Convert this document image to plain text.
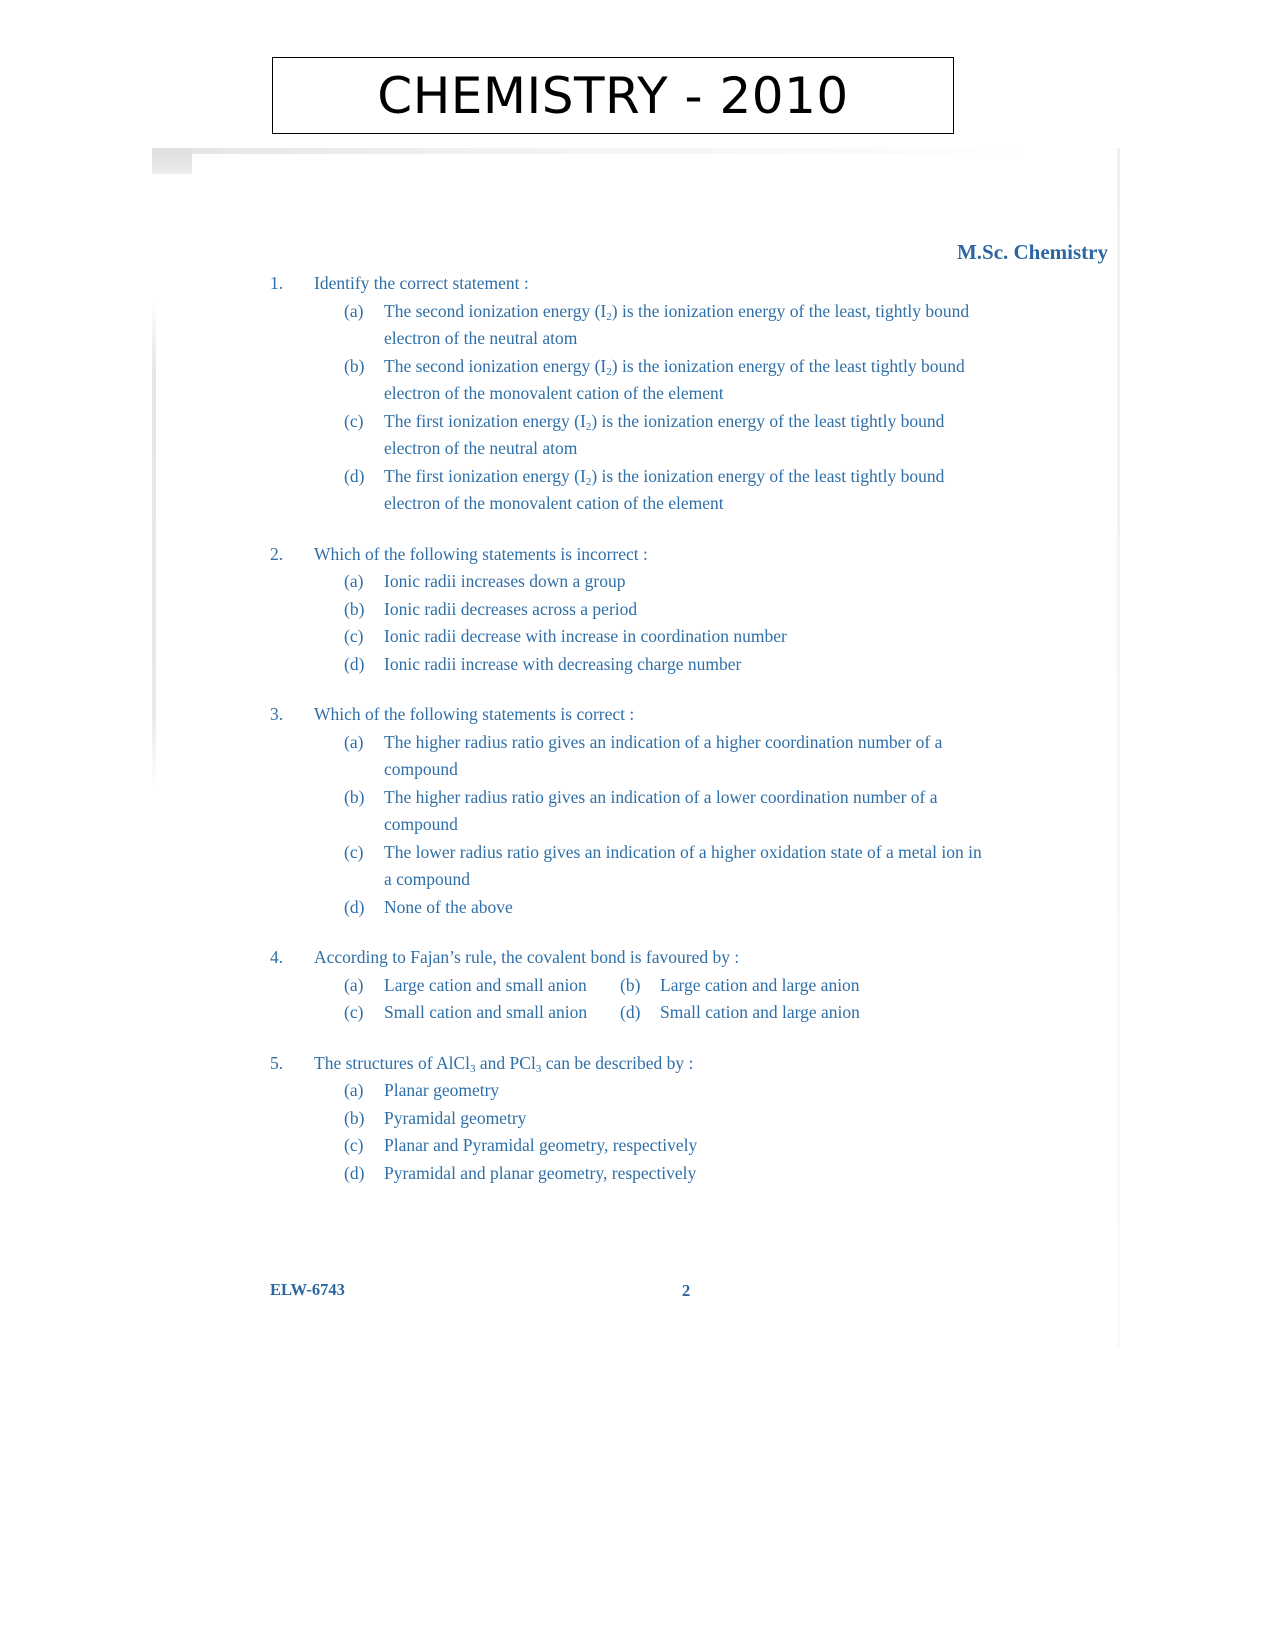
CHEMISTRY - 2010
M.Sc. Chemistry
1. Identify the correct statement :
(a) The second ionization energy $(I_2)$ is the ionization energy of the least, tightly bound electron of the neutral atom
(b) The second ionization energy $(I_2)$ is the ionization energy of the least tightly bound electron of the monovalent cation of the element
(c) The first ionization energy $(I_2)$ is the ionization energy of the least tightly bound electron of the neutral atom
(d) The first ionization energy $(I_2)$ is the ionization energy of the least tightly bound electron of the monovalent cation of the element
2. Which of the following statements is incorrect :
(a) Ionic radii increases down a group
(b) Ionic radii decreases across a period
(c) Ionic radii decrease with increase in coordination number
(d) Ionic radii increase with decreasing charge number
3. Which of the following statements is correct :
(a) The higher radius ratio gives an indication of a higher coordination number of a compound
(b) The higher radius ratio gives an indication of a lower coordination number of a compound
(c) The lower radius ratio gives an indication of a higher oxidation state of a metal ion in a compound
(d) None of the above
4. According to Fajan’s rule, the covalent bond is favoured by :
(a) Large cation and small anion	(b) Large cation and large anion
(c) Small cation and small anion	(d) Small cation and large anion
5. The structures of AlCl$_3$ and PCl$_3$ can be described by :
(a) Planar geometry
(b) Pyramidal geometry
(c) Planar and Pyramidal geometry, respectively
(d) Pyramidal and planar geometry, respectively
ELW-6743	2
